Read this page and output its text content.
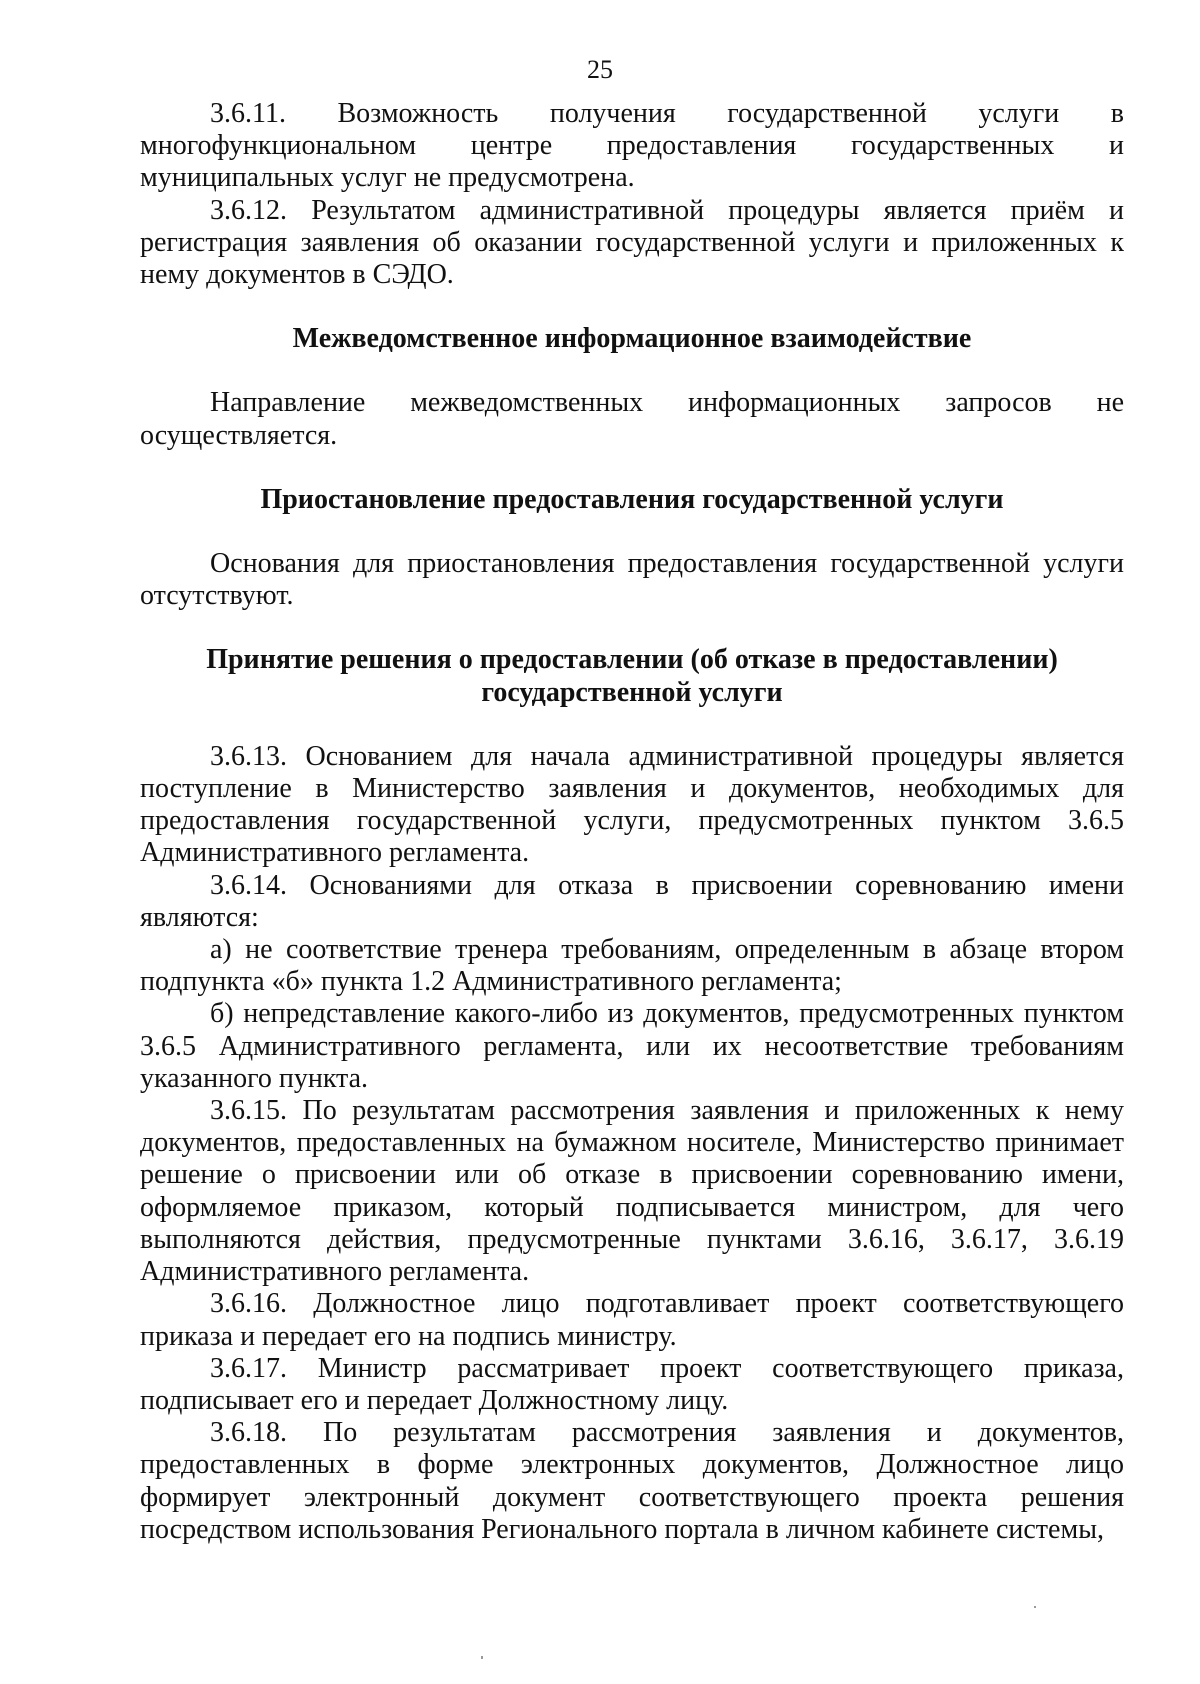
25

3.6.11. Возможность получения государственной услуги в многофункциональном центре предоставления государственных и муниципальных услуг не предусмотрена.

3.6.12. Результатом административной процедуры является приём и регистрация заявления об оказании государственной услуги и приложенных к нему документов в СЭДО.

Межведомственное информационное взаимодействие

Направление межведомственных информационных запросов не осуществляется.

Приостановление предоставления государственной услуги

Основания для приостановления предоставления государственной услуги отсутствуют.

Принятие решения о предоставлении (об отказе в предоставлении)

государственной услуги

3.6.13. Основанием для начала административной процедуры является поступление в Министерство заявления и документов, необходимых для предоставления государственной услуги, предусмотренных пунктом 3.6.5 Административного регламента.

3.6.14. Основаниями для отказа в присвоении соревнованию имени являются:

а) не соответствие тренера требованиям, определенным в абзаце втором подпункта «б» пункта 1.2 Административного регламента;

б) непредставление какого-либо из документов, предусмотренных пунктом 3.6.5 Административного регламента, или их несоответствие требованиям указанного пункта.

3.6.15. По результатам рассмотрения заявления и приложенных к нему документов, предоставленных на бумажном носителе, Министерство принимает решение о присвоении или об отказе в присвоении соревнованию имени, оформляемое приказом, который подписывается министром, для чего выполняются действия, предусмотренные пунктами 3.6.16, 3.6.17, 3.6.19 Административного регламента.

3.6.16. Должностное лицо подготавливает проект соответствующего приказа и передает его на подпись министру.

3.6.17. Министр рассматривает проект соответствующего приказа, подписывает его и передает Должностному лицу.

3.6.18. По результатам рассмотрения заявления и документов, предоставленных в форме электронных документов, Должностное лицо формирует электронный документ соответствующего проекта решения посредством использования Регионального портала в личном кабинете системы,
